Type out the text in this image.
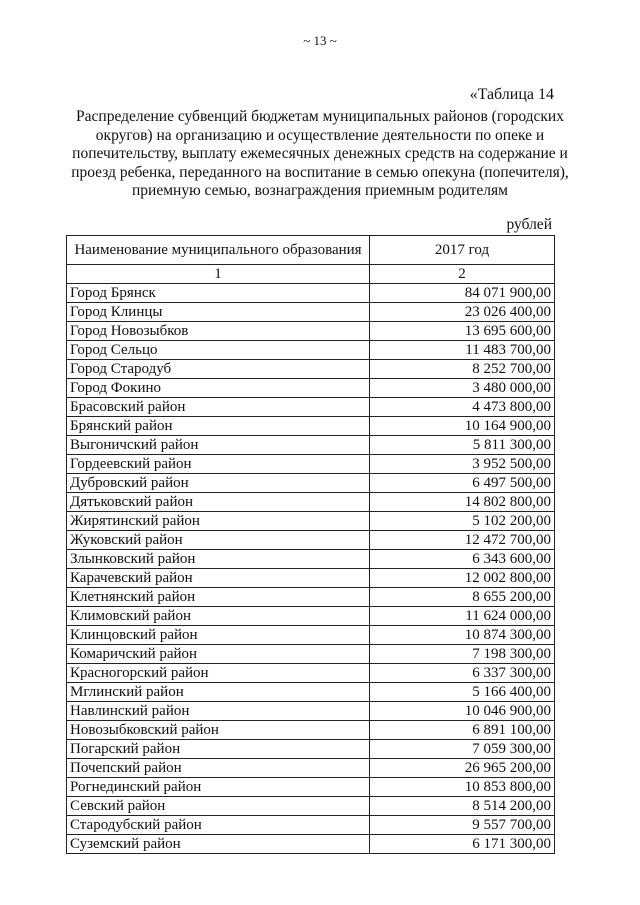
~ 13 ~
«Таблица 14
Распределение субвенций бюджетам муниципальных районов (городских округов) на организацию и осуществление деятельности по опеке и попечительству, выплату ежемесячных денежных средств на содержание и проезд ребенка, переданного на воспитание в семью опекуна (попечителя), приемную семью, вознаграждения приемным родителям
рублей
Наименование муниципального образования	2017 год
1	2
Город Брянск	84 071 900,00
Город Клинцы	23 026 400,00
Город Новозыбков	13 695 600,00
Город Сельцо	11 483 700,00
Город Стародуб	8 252 700,00
Город Фокино	3 480 000,00
Брасовский район	4 473 800,00
Брянский район	10 164 900,00
Выгоничский район	5 811 300,00
Гордеевский район	3 952 500,00
Дубровский район	6 497 500,00
Дятьковский район	14 802 800,00
Жирятинский район	5 102 200,00
Жуковский район	12 472 700,00
Злынковский район	6 343 600,00
Карачевский район	12 002 800,00
Клетнянский район	8 655 200,00
Климовский район	11 624 000,00
Клинцовский район	10 874 300,00
Комаричский район	7 198 300,00
Красногорский район	6 337 300,00
Мглинский район	5 166 400,00
Навлинский район	10 046 900,00
Новозыбковский район	6 891 100,00
Погарский район	7 059 300,00
Почепский район	26 965 200,00
Рогнединский район	10 853 800,00
Севский район	8 514 200,00
Стародубский район	9 557 700,00
Суземский район	6 171 300,00
